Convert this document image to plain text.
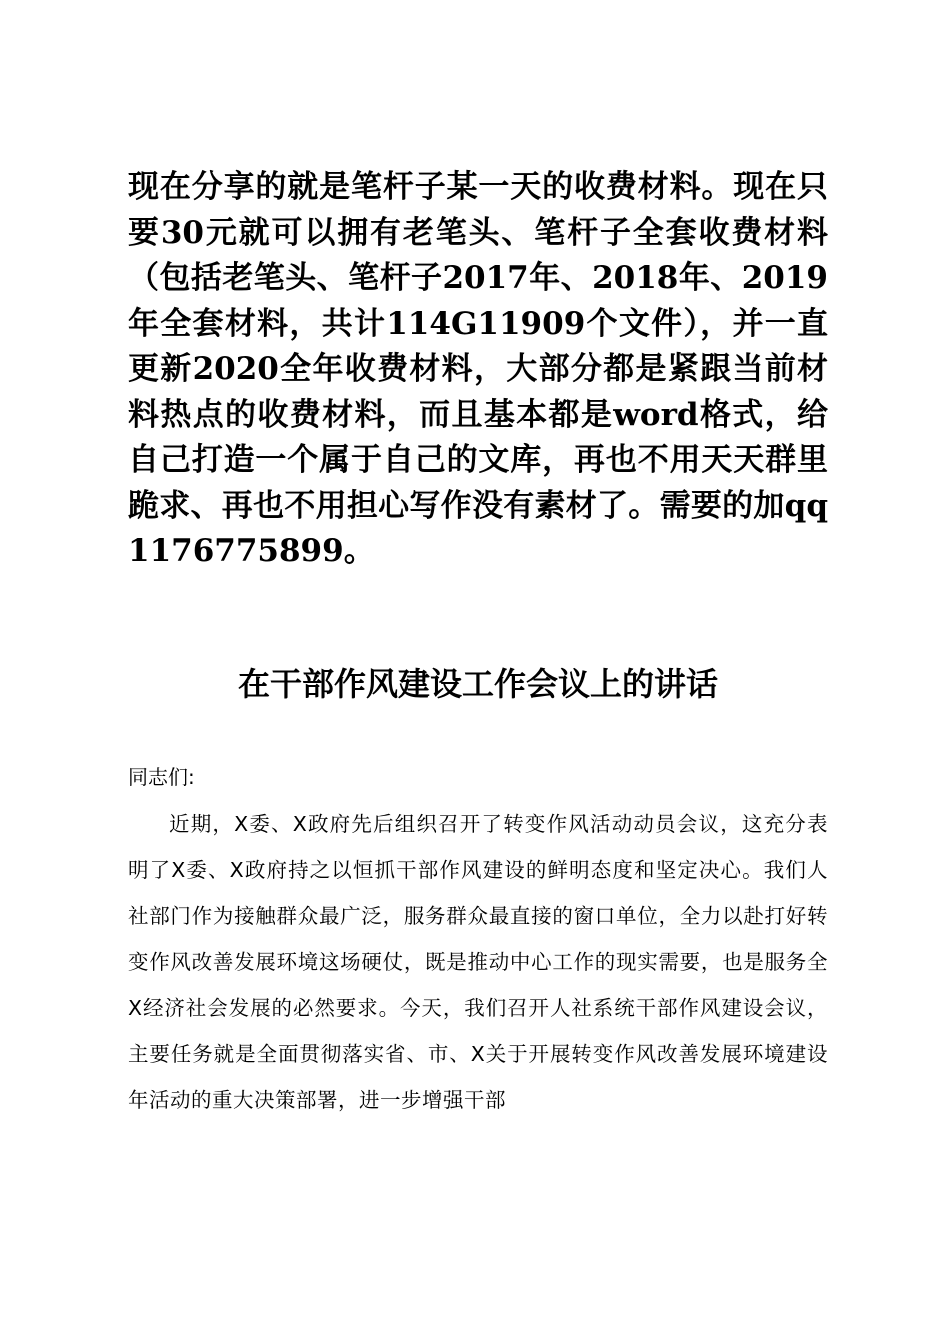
现在分享的就是笔杆子某一天的收费材料。现在只要30元就可以拥有老笔头、笔杆子全套收费材料（包括老笔头、笔杆子2017年、2018年、2019年全套材料，共计114G11909个文件），并一直更新2020全年收费材料，大部分都是紧跟当前材料热点的收费材料，而且基本都是word格式，给自己打造一个属于自己的文库，再也不用天天群里跪求、再也不用担心写作没有素材了。需要的加qq1176775899。
在干部作风建设工作会议上的讲话
同志们:
近期，X委、X政府先后组织召开了转变作风活动动员会议，这充分表明了X委、X政府持之以恒抓干部作风建设的鲜明态度和坚定决心。我们人社部门作为接触群众最广泛，服务群众最直接的窗口单位，全力以赴打好转变作风改善发展环境这场硬仗，既是推动中心工作的现实需要，也是服务全X经济社会发展的必然要求。今天，我们召开人社系统干部作风建设会议，主要任务就是全面贯彻落实省、市、X关于开展转变作风改善发展环境建设年活动的重大决策部署，进一步增强干部
